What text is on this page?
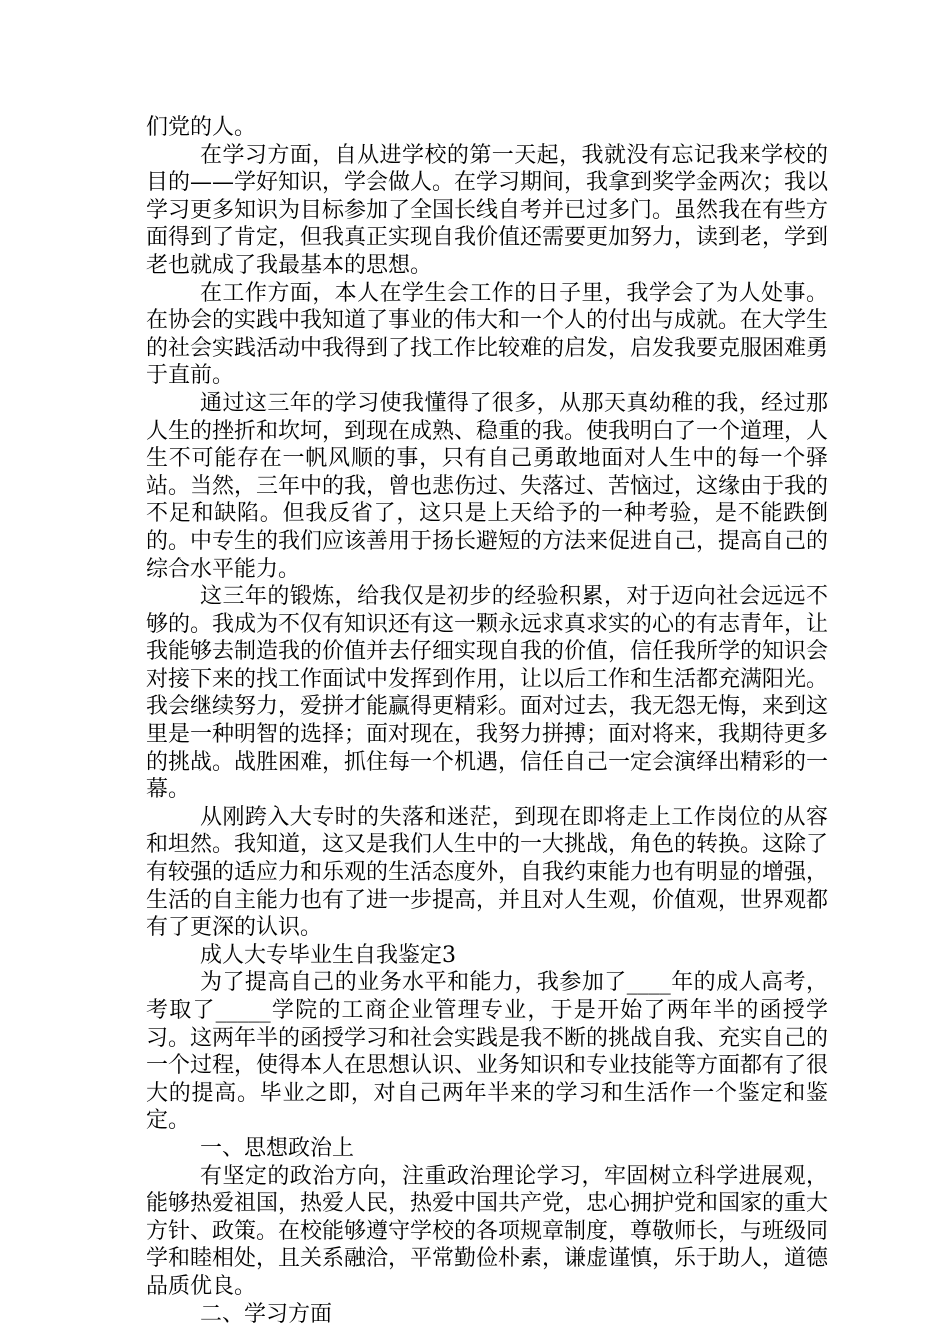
们党的人。

在学习方面，自从进学校的第一天起，我就没有忘记我来学校的目的——学好知识，学会做人。在学习期间，我拿到奖学金两次；我以学习更多知识为目标参加了全国长线自考并已过多门。虽然我在有些方面得到了肯定，但我真正实现自我价值还需要更加努力，读到老，学到老也就成了我最基本的思想。

在工作方面，本人在学生会工作的日子里，我学会了为人处事。在协会的实践中我知道了事业的伟大和一个人的付出与成就。在大学生的社会实践活动中我得到了找工作比较难的启发，启发我要克服困难勇于直前。

通过这三年的学习使我懂得了很多，从那天真幼稚的我，经过那人生的挫折和坎坷，到现在成熟、稳重的我。使我明白了一个道理，人生不可能存在一帆风顺的事，只有自己勇敢地面对人生中的每一个驿站。当然，三年中的我，曾也悲伤过、失落过、苦恼过，这缘由于我的不足和缺陷。但我反省了，这只是上天给予的一种考验，是不能跌倒的。中专生的我们应该善用于扬长避短的方法来促进自己，提高自己的综合水平能力。

这三年的锻炼，给我仅是初步的经验积累，对于迈向社会远远不够的。我成为不仅有知识还有这一颗永远求真求实的心的有志青年，让我能够去制造我的价值并去仔细实现自我的价值，信任我所学的知识会对接下来的找工作面试中发挥到作用，让以后工作和生活都充满阳光。我会继续努力，爱拼才能赢得更精彩。面对过去，我无怨无悔，来到这里是一种明智的选择；面对现在，我努力拼搏；面对将来，我期待更多的挑战。战胜困难，抓住每一个机遇，信任自己一定会演绎出精彩的一幕。

从刚跨入大专时的失落和迷茫，到现在即将走上工作岗位的从容和坦然。我知道，这又是我们人生中的一大挑战，角色的转换。这除了有较强的适应力和乐观的生活态度外，自我约束能力也有明显的增强，生活的自主能力也有了进一步提高，并且对人生观，价值观，世界观都有了更深的认识。

成人大专毕业生自我鉴定3

为了提高自己的业务水平和能力，我参加了____年的成人高考，考取了_____学院的工商企业管理专业，于是开始了两年半的函授学习。这两年半的函授学习和社会实践是我不断的挑战自我、充实自己的一个过程，使得本人在思想认识、业务知识和专业技能等方面都有了很大的提高。毕业之即，对自己两年半来的学习和生活作一个鉴定和鉴定。

一、思想政治上

有坚定的政治方向，注重政治理论学习，牢固树立科学进展观，能够热爱祖国，热爱人民，热爱中国共产党，忠心拥护党和国家的重大方针、政策。在校能够遵守学校的各项规章制度，尊敬师长，与班级同学和睦相处，且关系融洽，平常勤俭朴素，谦虚谨慎，乐于助人，道德品质优良。

二、学习方面
